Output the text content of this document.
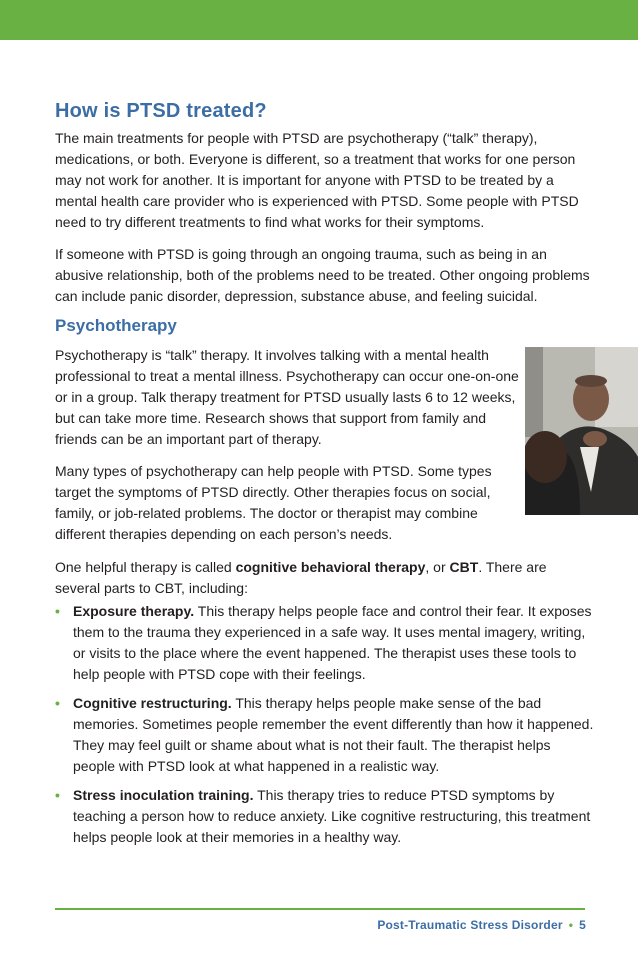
How is PTSD treated?

The main treatments for people with PTSD are psychotherapy (“talk” therapy), medications, or both. Everyone is different, so a treatment that works for one person may not work for another. It is important for anyone with PTSD to be treated by a mental health care provider who is experienced with PTSD. Some people with PTSD need to try different treatments to find what works for their symptoms.

If someone with PTSD is going through an ongoing trauma, such as being in an abusive relationship, both of the problems need to be treated. Other ongoing problems can include panic disorder, depression, substance abuse, and feeling suicidal.

Psychotherapy

Psychotherapy is “talk” therapy. It involves talking with a mental health professional to treat a mental illness. Psychotherapy can occur one-on-one or in a group. Talk therapy treatment for PTSD usually lasts 6 to 12 weeks, but can take more time. Research shows that support from family and friends can be an important part of therapy.

Many types of psychotherapy can help people with PTSD. Some types target the symptoms of PTSD directly. Other therapies focus on social, family, or job-related problems. The doctor or therapist may combine different therapies depending on each person’s needs.

One helpful therapy is called cognitive behavioral therapy, or CBT. There are several parts to CBT, including:

• Exposure therapy. This therapy helps people face and control their fear. It exposes them to the trauma they experienced in a safe way. It uses mental imagery, writing, or visits to the place where the event happened. The therapist uses these tools to help people with PTSD cope with their feelings.
• Cognitive restructuring. This therapy helps people make sense of the bad memories. Sometimes people remember the event differently than how it happened. They may feel guilt or shame about what is not their fault. The therapist helps people with PTSD look at what happened in a realistic way.
• Stress inoculation training. This therapy tries to reduce PTSD symptoms by teaching a person how to reduce anxiety. Like cognitive restructuring, this treatment helps people look at their memories in a healthy way.
Post-Traumatic Stress Disorder • 5
